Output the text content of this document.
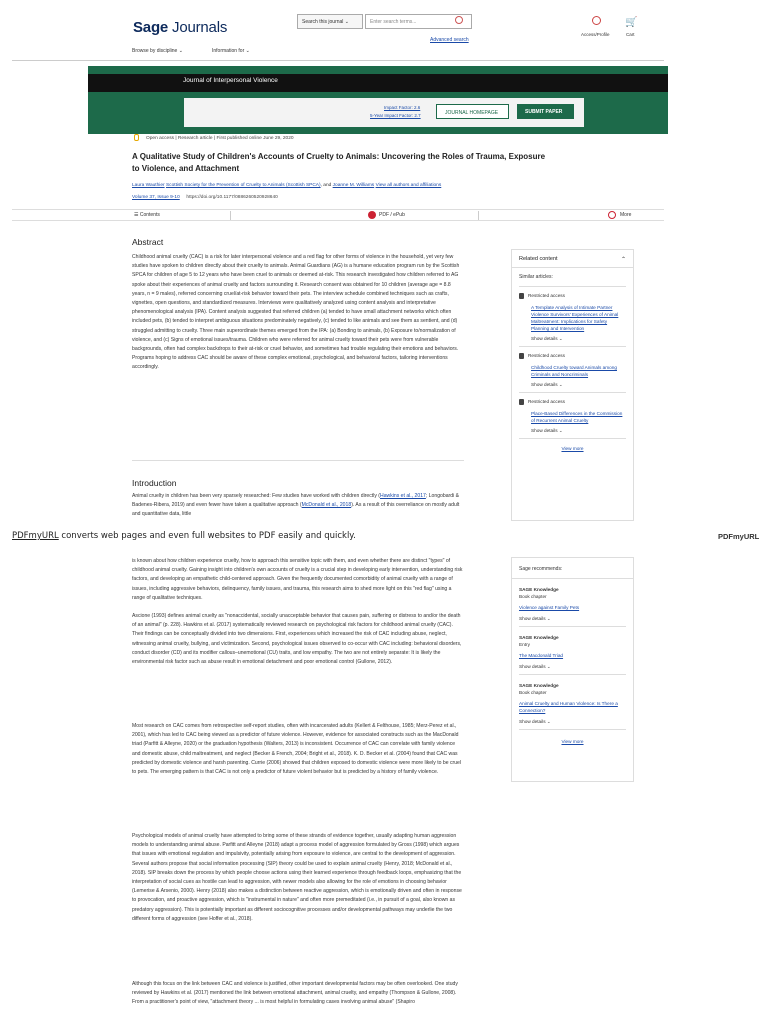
Sage Journals	Search this journal ⌄	Enter search terms...
Advanced search
Access/Profile
🛒
Cart
Browse by discipline ⌄	Information for ⌄
Journal of Interpersonal Violence
Impact Factor: 2.6
5-Year Impact Factor: 2.7	JOURNAL HOMEPAGE	SUBMIT PAPER
Open access | Research article | First published online June 29, 2020
A Qualitative Study of Children's Accounts of Cruelty to Animals: Uncovering the Roles of Trauma, Exposure to Violence, and Attachment
Laura Wauthier Scottish Society for the Prevention of Cruelty to Animals (Scottish SPCA), and Joanne M. Williams View all authors and affiliations
Volume 37, Issue 9-10 https://doi.org/10.1177/0886260520928640
☰ Contents	PDF / ePub	More
Abstract
Childhood animal cruelty (CAC) is a risk for later interpersonal violence and a red flag for other forms of violence in the household, yet very few studies have spoken to children directly about their cruelty to animals. Animal Guardians (AG) is a humane education program run by the Scottish SPCA for children of age 5 to 12 years who have been cruel to animals or deemed at-risk. This research investigated how children referred to AG spoke about their experiences of animal cruelty and factors surrounding it. Research consent was obtained for 10 children (average age = 8.8 years, n = 9 males), referred concerning cruel/at-risk behavior toward their pets. The interview schedule combined techniques such as crafts, vignettes, open questions, and standardized measures. Interviews were qualitatively analyzed using content analysis and interpretative phenomenological analysis (IPA). Content analysis suggested that referred children (a) tended to have small attachment networks which often included pets, (b) tended to interpret ambiguous situations predominately negatively, (c) tended to like animals and see them as sentient, and (d) struggled admitting to cruelty. Three main superordinate themes emerged from the IPA: (a) Bonding to animals, (b) Exposure to/normalization of violence, and (c) Signs of emotional issues/trauma. Children who were referred for animal cruelty toward their pets were from vulnerable backgrounds, often had complex backdrops to their at-risk or cruel behavior, and sometimes had trouble regulating their emotions and behaviors. Programs hoping to address CAC should be aware of these complex emotional, psychological, and behavioral factors, tailoring interventions accordingly.
Introduction
Animal cruelty in children has been very sparsely researched: Few studies have worked with children directly (Hawkins et al., 2017; Longobardi & Badenes-Ribera, 2019) and even fewer have taken a qualitative approach (McDonald et al., 2018). As a result of this overreliance on mostly adult and quantitative data, little
Related content	⌃
Similar articles:
Restricted access
A Template Analysis of Intimate Partner Violence Survivors' Experiences of Animal Maltreatment: Implications for Safety Planning and Intervention
Show details ⌄
Restricted access
Childhood Cruelty toward Animals among Criminals and Noncriminals
Show details ⌄
Restricted access
Place-Based Differences in the Commission of Recurrent Animal Cruelty
Show details ⌄
View more
PDFmyURL converts web pages and even full websites to PDF easily and quickly.	PDFmyURL
is known about how children experience cruelty, how to approach this sensitive topic with them, and even whether there are distinct "types" of childhood animal cruelty. Gaining insight into children's own accounts of cruelty is a crucial step in developing early intervention, understanding risk factors, and developing an empathetic child-centered approach. Given the frequently documented comorbidity of animal cruelty with a range of issues, including aggressive behaviors, delinquency, family issues, and trauma, this research aims to shed more light on this "red flag" using a range of qualitative techniques.
Ascione (1993) defines animal cruelty as "nonaccidental, socially unacceptable behavior that causes pain, suffering or distress to and/or the death of an animal" (p. 228). Hawkins et al. (2017) systematically reviewed research on psychological risk factors for childhood animal cruelty (CAC). Their findings can be conceptually divided into two dimensions. First, experiences which increased the risk of CAC including abuse, neglect, witnessing animal cruelty, bullying, and victimization. Second, psychological issues observed to co-occur with CAC including: behavioral disorders, conduct disorder (CD) and its modifier callous–unemotional (CU) traits, and low empathy. The two are not entirely separate: It is likely the environmental risk factor such as abuse result in emotional detachment and poor emotional control (Gullone, 2012).
Most research on CAC comes from retrospective self-report studies, often with incarcerated adults (Kellert & Felthouse, 1985; Merz-Perez et al., 2001), which has led to CAC being viewed as a predictor of future violence. However, evidence for associated constructs such as the MacDonald triad (Parfitt & Alleyne, 2020) or the graduation hypothesis (Walters, 2013) is inconsistent. Occurrence of CAC can correlate with family violence and domestic abuse, child maltreatment, and neglect (Becker & French, 2004; Bright et al., 2018). K. D. Becker et al. (2004) found that CAC was predicted by domestic violence and harsh parenting. Currie (2006) showed that children exposed to domestic violence were more likely to be cruel to pets. The emerging pattern is that CAC is not only a predictor of future violent behavior but is predicted by a history of family violence.
Psychological models of animal cruelty have attempted to bring some of these strands of evidence together, usually adapting human aggression models to understanding animal abuse. Parfitt and Alleyne (2018) adapt a process model of aggression formulated by Gross (1998) which argues that issues with emotional regulation and impulsivity, potentially arising from exposure to violence, are central to the development of aggression. Several authors propose that social information processing (SIP) theory could be used to explain animal cruelty (Henry, 2018; McDonald et al., 2018). SIP breaks down the process by which people choose actions using their learned experience through feedback loops, emphasizing that the interpretation of social cues as hostile can lead to aggression, with newer models also allowing for the role of emotions in choosing behavior (Lemerise & Arsenio, 2000). Henry (2018) also makes a distinction between reactive aggression, which is emotionally driven and often in response to provocation, and proactive aggression, which is "instrumental in nature" and often more premeditated (i.e., in pursuit of a goal, also known as predatory aggression). This is potentially important as different sociocognitive processes and/or developmental pathways may underlie the two different forms of aggression (see Hoffer et al., 2018).
Although this focus on the link between CAC and violence is justified, other important developmental factors may be often overlooked. One study reviewed by Hawkins et al. (2017) mentioned the link between emotional attachment, animal cruelty, and empathy (Thompson & Gullone, 2008). From a practitioner's point of view, "attachment theory ... is most helpful in formulating cases involving animal abuse" (Shapiro
Sage recommends:
SAGE Knowledge
Book chapter
Violence against Family Pets
Show details ⌄
SAGE Knowledge
Entry
The Macdonald Triad
Show details ⌄
SAGE Knowledge
Book chapter
Animal Cruelty and Human Violence: Is There a Connection?
Show details ⌄
View more
